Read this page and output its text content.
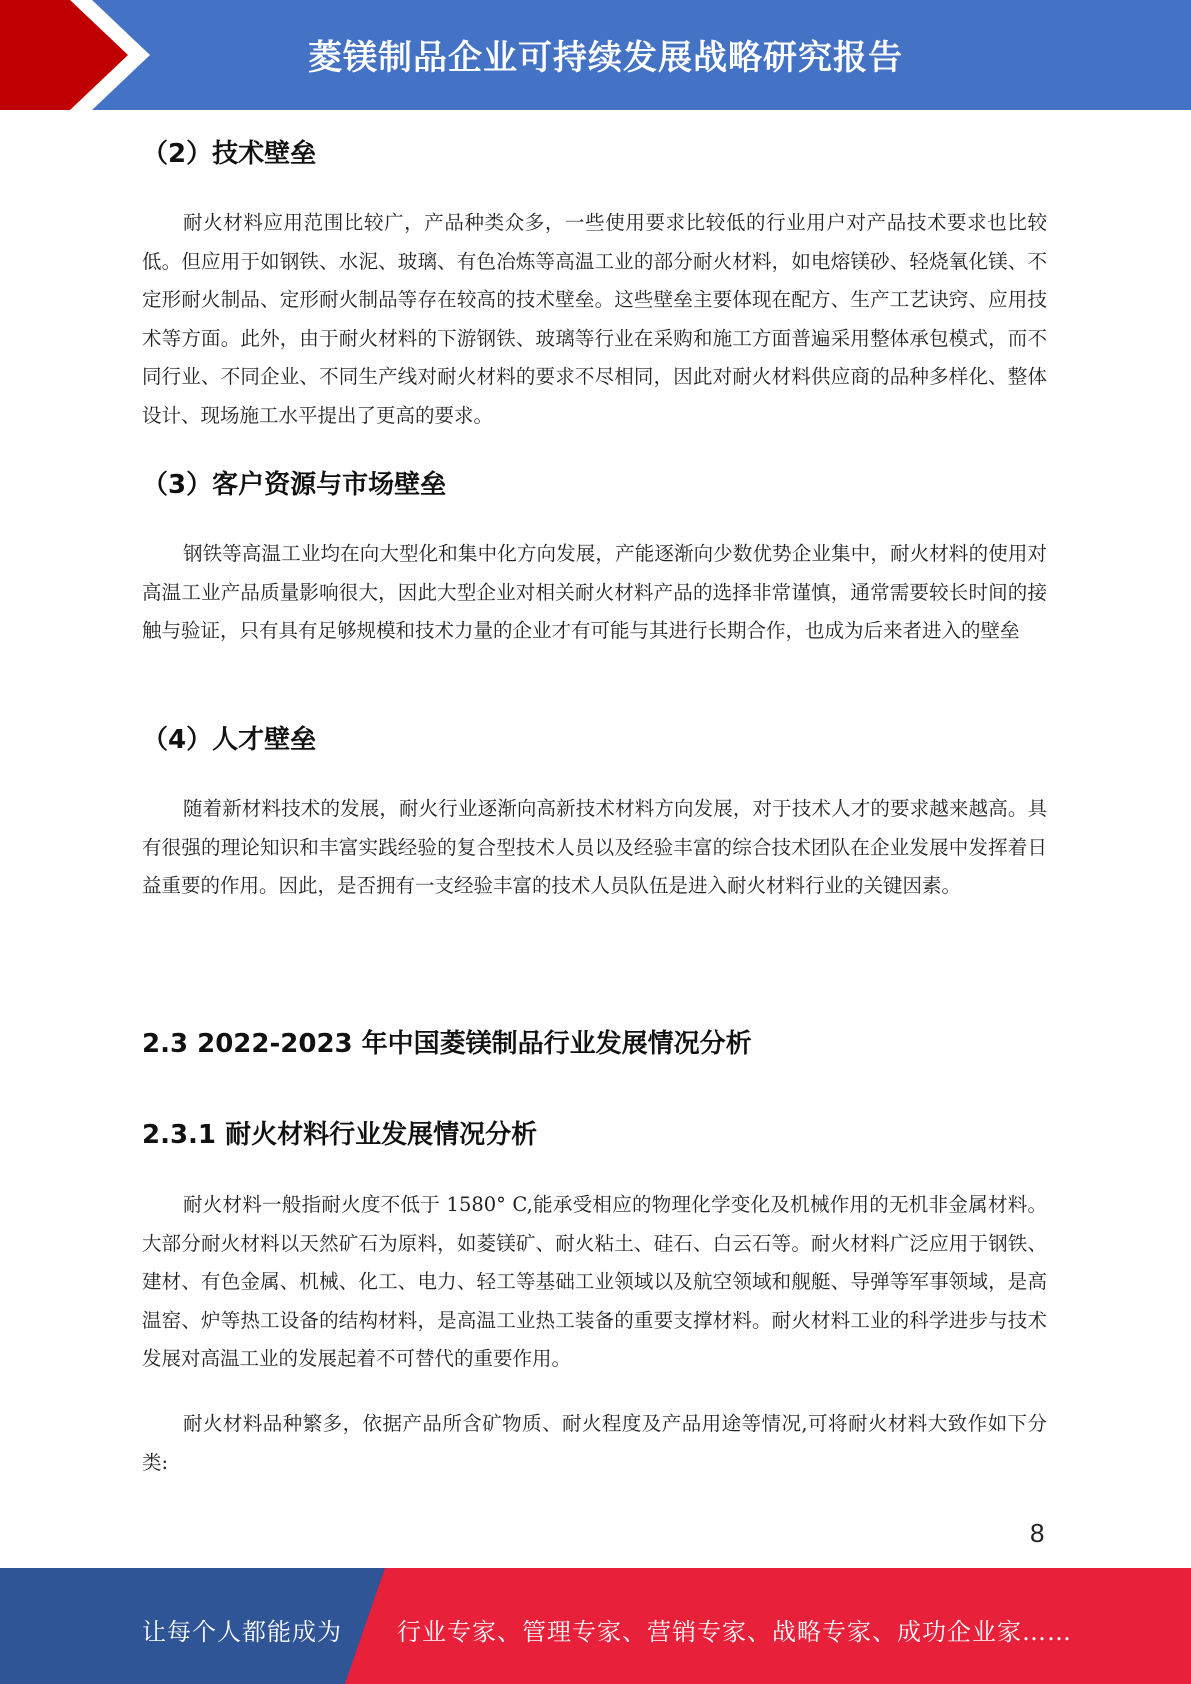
菱镁制品企业可持续发展战略研究报告
（2）技术壁垒
耐火材料应用范围比较广，产品种类众多，一些使用要求比较低的行业用户对产品技术要求也比较低。但应用于如钢铁、水泥、玻璃、有色冶炼等高温工业的部分耐火材料，如电熔镁砂、轻烧氧化镁、不定形耐火制品、定形耐火制品等存在较高的技术壁垒。这些壁垒主要体现在配方、生产工艺诀窍、应用技术等方面。此外，由于耐火材料的下游钢铁、玻璃等行业在采购和施工方面普遍采用整体承包模式，而不同行业、不同企业、不同生产线对耐火材料的要求不尽相同，因此对耐火材料供应商的品种多样化、整体设计、现场施工水平提出了更高的要求。
（3）客户资源与市场壁垒
钢铁等高温工业均在向大型化和集中化方向发展，产能逐渐向少数优势企业集中，耐火材料的使用对高温工业产品质量影响很大，因此大型企业对相关耐火材料产品的选择非常谨慎，通常需要较长时间的接触与验证，只有具有足够规模和技术力量的企业才有可能与其进行长期合作，也成为后来者进入的壁垒
（4）人才壁垒
随着新材料技术的发展，耐火行业逐渐向高新技术材料方向发展，对于技术人才的要求越来越高。具有很强的理论知识和丰富实践经验的复合型技术人员以及经验丰富的综合技术团队在企业发展中发挥着日益重要的作用。因此，是否拥有一支经验丰富的技术人员队伍是进入耐火材料行业的关键因素。
2.3 2022-2023 年中国菱镁制品行业发展情况分析
2.3.1 耐火材料行业发展情况分析
耐火材料一般指耐火度不低于 1580° C,能承受相应的物理化学变化及机械作用的无机非金属材料。大部分耐火材料以天然矿石为原料，如菱镁矿、耐火粘土、硅石、白云石等。耐火材料广泛应用于钢铁、建材、有色金属、机械、化工、电力、轻工等基础工业领域以及航空领域和舰艇、导弹等军事领域，是高温窑、炉等热工设备的结构材料，是高温工业热工装备的重要支撑材料。耐火材料工业的科学进步与技术发展对高温工业的发展起着不可替代的重要作用。
耐火材料品种繁多，依据产品所含矿物质、耐火程度及产品用途等情况,可将耐火材料大致作如下分类:
8
让每个人都能成为 行业专家、管理专家、营销专家、战略专家、成功企业家……
